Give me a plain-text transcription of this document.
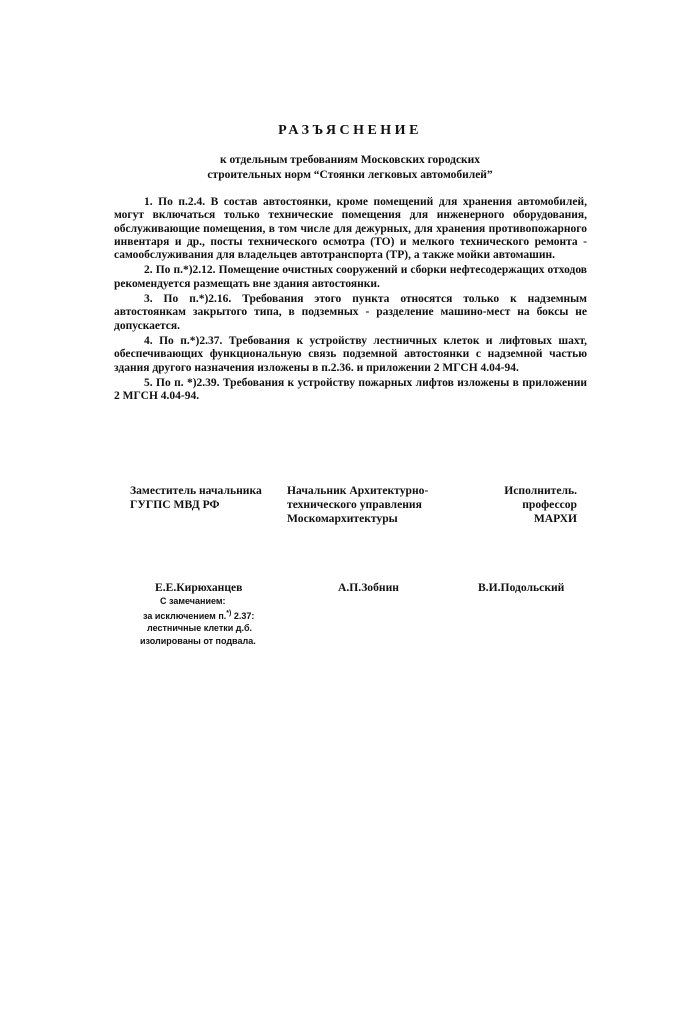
РАЗЪЯСНЕНИЕ
к отдельным требованиям Московских городских
строительных норм “Стоянки легковых автомобилей”

1. По п.2.4. В состав автостоянки, кроме помещений для хранения автомобилей, могут включаться только технические помещения для инженерного оборудования, обслуживающие помещения, в том числе для дежурных, для хранения противопожарного инвентаря и др., посты технического осмотра (ТО) и мелкого технического ремонта - самообслуживания для владельцев автотранспорта (ТР), а также мойки автомашин.

2. По п.*)2.12. Помещение очистных сооружений и сборки нефтесодержащих отходов рекомендуется размещать вне здания автостоянки.

3. По п.*)2.16. Требования этого пункта относятся только к надземным автостоянкам закрытого типа, в подземных - разделение машино-мест на боксы не допускается.

4. По п.*)2.37. Требования к устройству лестничных клеток и лифтовых шахт, обеспечивающих функциональную связь подземной автостоянки с надземной частью здания другого назначения изложены в п.2.36. и приложении 2 МГСН 4.04-94.

5. По п. *)2.39. Требования к устройству пожарных лифтов изложены в приложении 2 МГСН 4.04-94.

Заместитель начальника
ГУГПС МВД РФ
Начальник Архитектурно-
технического управления
Москомархитектуры
Исполнитель.
профессор
МАРХИ
Е.Е.Кирюханцев	А.П.Зобнин	В.И.Подольский
С замечанием:
за исключением п.*) 2.37:
лестничные клетки д.б.
изолированы от подвала.
